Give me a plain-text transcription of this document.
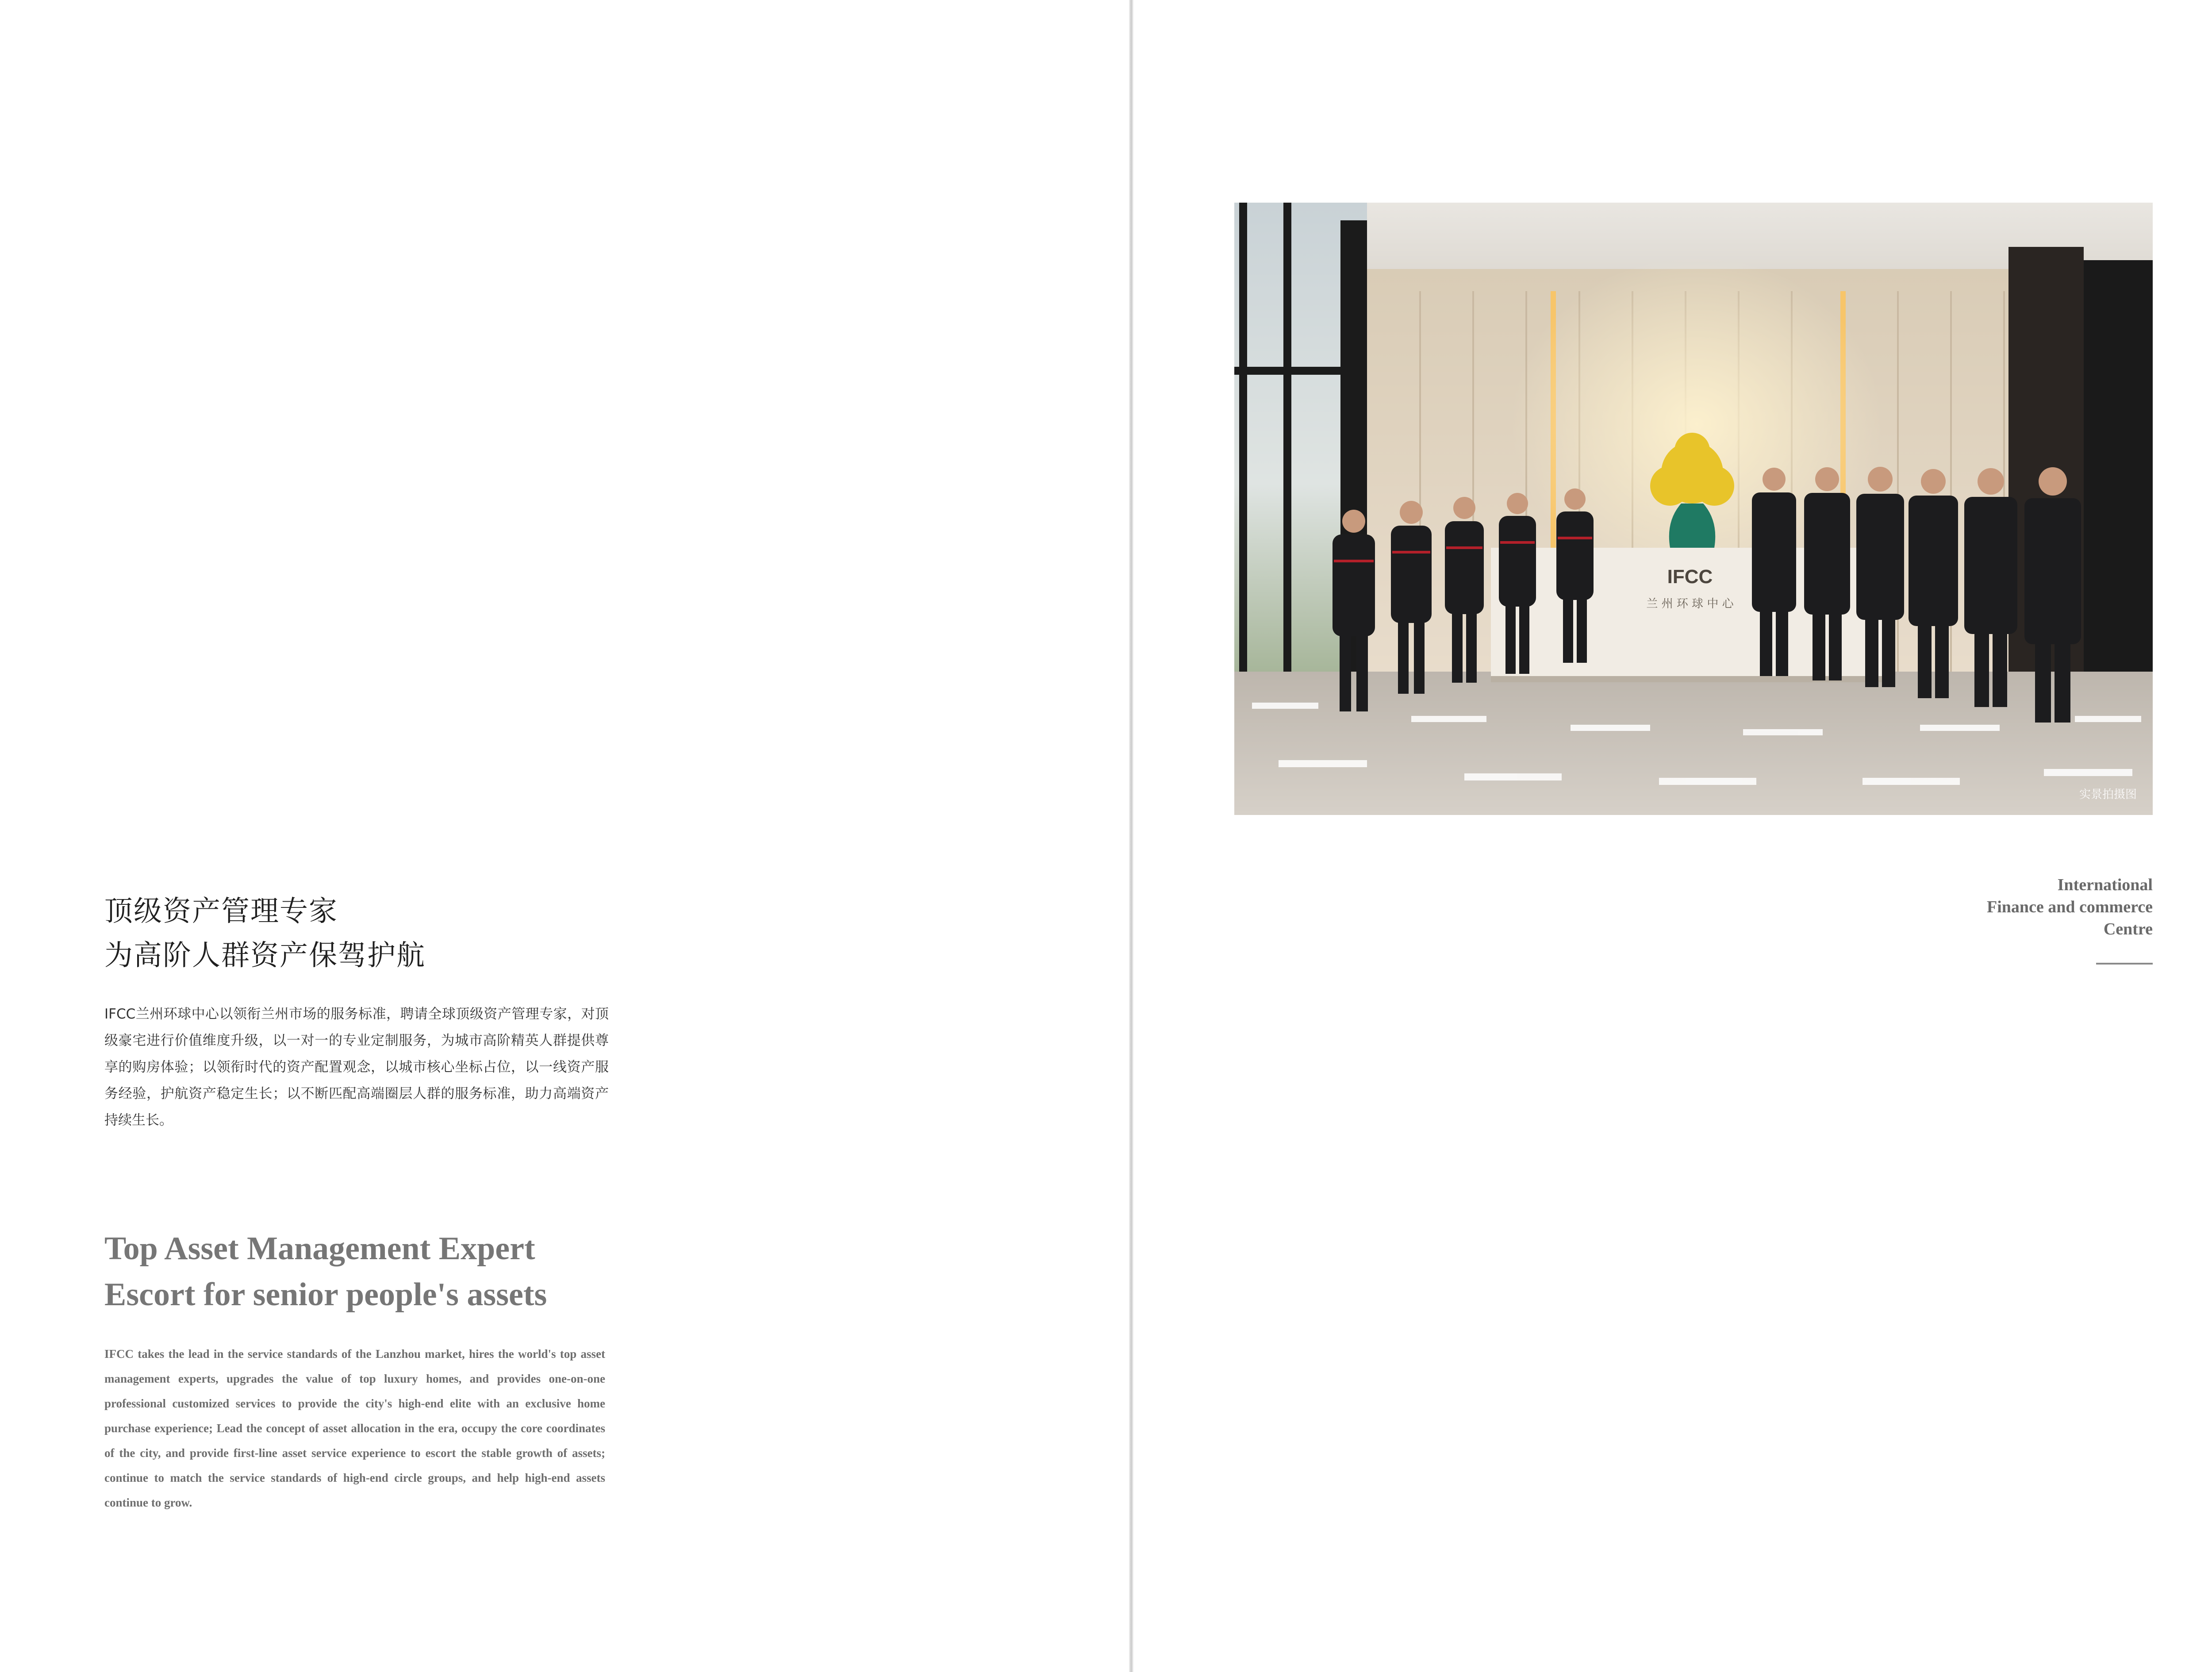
顶级资产管理专家
为高阶人群资产保驾护航
IFCC兰州环球中心以领衔兰州市场的服务标准，聘请全球顶级资产管理专家，对顶级豪宅进行价值维度升级，以一对一的专业定制服务，为城市高阶精英人群提供尊享的购房体验；以领衔时代的资产配置观念，以城市核心坐标占位，以一线资产服务经验，护航资产稳定生长；以不断匹配高端圈层人群的服务标准，助力高端资产持续生长。
Top Asset Management Expert
Escort for senior people's assets
IFCC takes the lead in the service standards of the Lanzhou market, hires the world's top asset management experts, upgrades the value of top luxury homes, and provides one-on-one professional customized services to provide the city's high-end elite with an exclusive home purchase experience; Lead the concept of asset allocation in the era, occupy the core coordinates of the city, and provide first-line asset service experience to escort the stable growth of assets; continue to match the service standards of high-end circle groups, and help high-end assets continue to grow.
IFCC
兰 州 环 球 中 心
实景拍摄图
International
Finance and commerce
Centre
